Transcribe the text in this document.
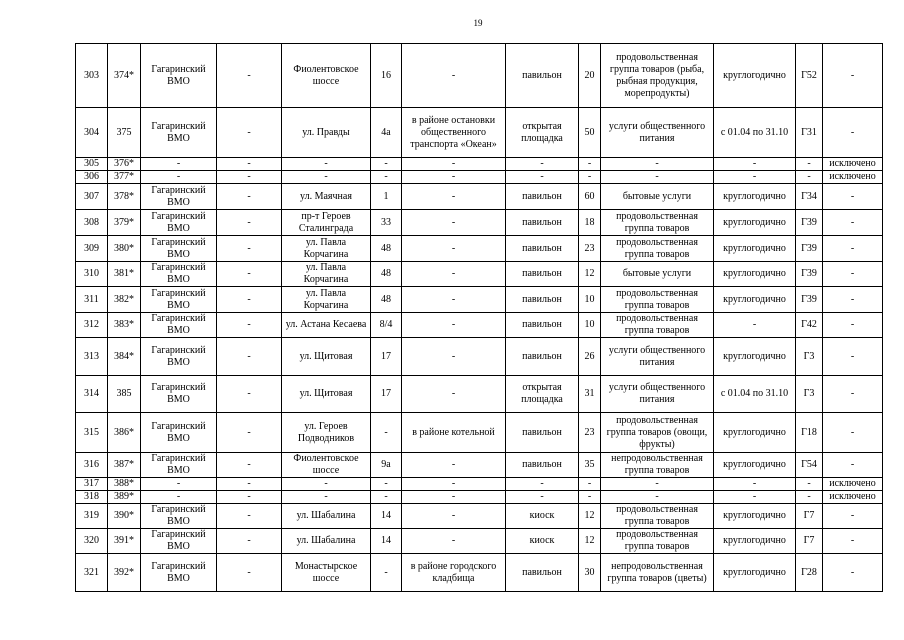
19
303	374*	Гагаринский ВМО	-	Фиолентовское шоссе	16	-	павильон	20	продовольственная группа товаров (рыба, рыбная продукция, морепродукты)	круглогодично	Г52	-
304	375	Гагаринский ВМО	-	ул. Правды	4а	в районе остановки общественного транспорта «Океан»	открытая площадка	50	услуги общественного питания	с 01.04 по 31.10	Г31	-
305	376*	-	-	-	-	-	-	-	-	-	-	исключено
306	377*	-	-	-	-	-	-	-	-	-	-	исключено
307	378*	Гагаринский ВМО	-	ул. Маячная	1	-	павильон	60	бытовые услуги	круглогодично	Г34	-
308	379*	Гагаринский ВМО	-	пр-т Героев Сталинграда	33	-	павильон	18	продовольственная группа товаров	круглогодично	Г39	-
309	380*	Гагаринский ВМО	-	ул. Павла Корчагина	48	-	павильон	23	продовольственная группа товаров	круглогодично	Г39	-
310	381*	Гагаринский ВМО	-	ул. Павла Корчагина	48	-	павильон	12	бытовые услуги	круглогодично	Г39	-
311	382*	Гагаринский ВМО	-	ул. Павла Корчагина	48	-	павильон	10	продовольственная группа товаров	круглогодично	Г39	-
312	383*	Гагаринский ВМО	-	ул. Астана Кесаева	8/4	-	павильон	10	продовольственная группа товаров	-	Г42	-
313	384*	Гагаринский ВМО	-	ул. Щитовая	17	-	павильон	26	услуги общественного питания	круглогодично	Г3	-
314	385	Гагаринский ВМО	-	ул. Щитовая	17	-	открытая площадка	31	услуги общественного питания	с 01.04 по 31.10	Г3	-
315	386*	Гагаринский ВМО	-	ул. Героев Подводников	-	в районе котельной	павильон	23	продовольственная группа товаров (овощи, фрукты)	круглогодично	Г18	-
316	387*	Гагаринский ВМО	-	Фиолентовское шоссе	9а	-	павильон	35	непродовольственная группа товаров	круглогодично	Г54	-
317	388*	-	-	-	-	-	-	-	-	-	-	исключено
318	389*	-	-	-	-	-	-	-	-	-	-	исключено
319	390*	Гагаринский ВМО	-	ул. Шабалина	14	-	киоск	12	продовольственная группа товаров	круглогодично	Г7	-
320	391*	Гагаринский ВМО	-	ул. Шабалина	14	-	киоск	12	продовольственная группа товаров	круглогодично	Г7	-
321	392*	Гагаринский ВМО	-	Монастырское шоссе	-	в районе городского кладбища	павильон	30	непродовольственная группа товаров (цветы)	круглогодично	Г28	-
